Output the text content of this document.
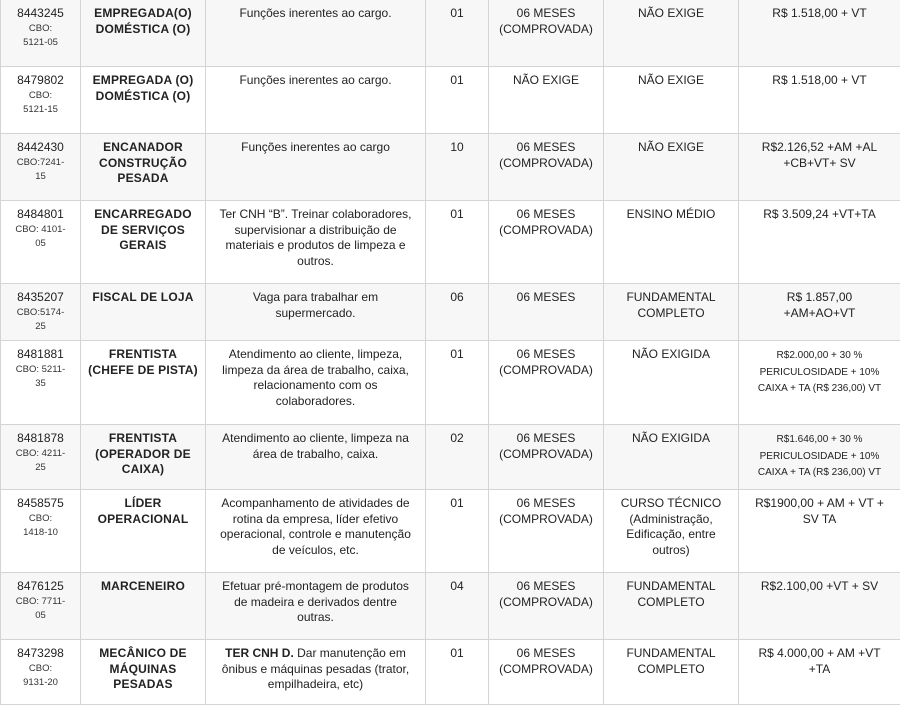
8443245
CBO:
5121-05	EMPREGADA(O)
DOMÉSTICA (O)	Funções inerentes ao cargo.	01	06 MESES
(COMPROVADA)	NÃO EXIGE	R$ 1.518,00 + VT

8479802
CBO:
5121-15	EMPREGADA (O)
DOMÉSTICA (O)	Funções inerentes ao cargo.	01	NÃO EXIGE	NÃO EXIGE	R$ 1.518,00 + VT

8442430
CBO:7241-
15	ENCANADOR
CONSTRUÇÃO
PESADA	Funções inerentes ao cargo	10	06 MESES
(COMPROVADA)	NÃO EXIGE	R$2.126,52 +AM +AL
+CB+VT+ SV

8484801
CBO: 4101-
05	ENCARREGADO
DE SERVIÇOS
GERAIS	Ter CNH “B”. Treinar colaboradores,
supervisionar a distribuição de
materiais e produtos de limpeza e
outros.	01	06 MESES
(COMPROVADA)	ENSINO MÉDIO	R$ 3.509,24 +VT+TA

8435207
CBO:5174-
25	FISCAL DE LOJA	Vaga para trabalhar em
supermercado.	06	06 MESES	FUNDAMENTAL
COMPLETO	R$ 1.857,00
+AM+AO+VT

8481881
CBO: 5211-
35	FRENTISTA
(CHEFE DE PISTA)	Atendimento ao cliente, limpeza,
limpeza da área de trabalho, caixa,
relacionamento com os
colaboradores.	01	06 MESES
(COMPROVADA)	NÃO EXIGIDA	R$2.000,00 + 30 %
PERICULOSIDADE + 10%
CAIXA + TA (R$ 236,00) VT

8481878
CBO: 4211-
25	FRENTISTA
(OPERADOR DE
CAIXA)	Atendimento ao cliente, limpeza na
área de trabalho, caixa.	02	06 MESES
(COMPROVADA)	NÃO EXIGIDA	R$1.646,00 + 30 %
PERICULOSIDADE + 10%
CAIXA + TA (R$ 236,00) VT

8458575
CBO:
1418-10	LÍDER
OPERACIONAL	Acompanhamento de atividades de
rotina da empresa, líder efetivo
operacional, controle e manutenção
de veículos, etc.	01	06 MESES
(COMPROVADA)	CURSO TÉCNICO
(Administração,
Edificação, entre
outros)	R$1900,00 + AM + VT +
SV TA

8476125
CBO: 7711-
05	MARCENEIRO	Efetuar pré-montagem de produtos
de madeira e derivados dentre
outras.	04	06 MESES
(COMPROVADA)	FUNDAMENTAL
COMPLETO	R$2.100,00 +VT + SV

8473298
CBO:
9131-20	MECÂNICO DE
MÁQUINAS
PESADAS	TER CNH D. Dar manutenção em
ônibus e máquinas pesadas (trator,
empilhadeira, etc)	01	06 MESES
(COMPROVADA)	FUNDAMENTAL
COMPLETO	R$ 4.000,00 + AM +VT
+TA
